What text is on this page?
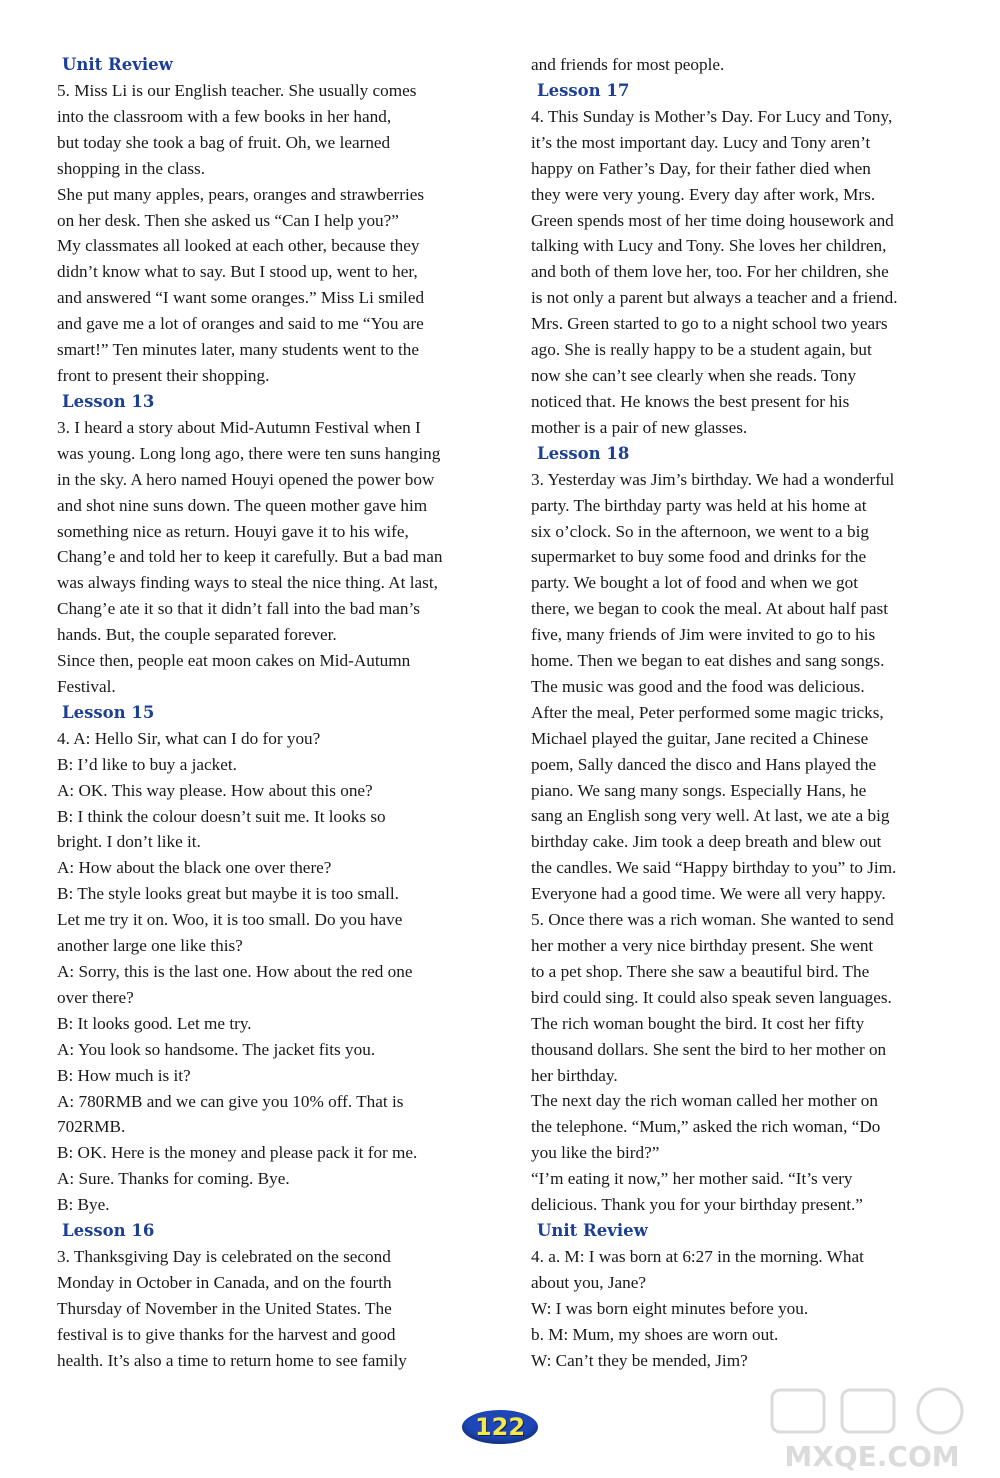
Unit Review

5. Miss Li is our English teacher. She usually comes
into the classroom with a few books in her hand,
but today she took a bag of fruit. Oh, we learned
shopping in the class.

She put many apples, pears, oranges and strawberries
on her desk. Then she asked us “Can I help you?”
My classmates all looked at each other, because they
didn’t know what to say. But I stood up, went to her,
and answered “I want some oranges.” Miss Li smiled
and gave me a lot of oranges and said to me “You are
smart!” Ten minutes later, many students went to the
front to present their shopping.

Lesson 13

3. I heard a story about Mid-Autumn Festival when I
was young. Long long ago, there were ten suns hanging
in the sky. A hero named Houyi opened the power bow
and shot nine suns down. The queen mother gave him
something nice as return. Houyi gave it to his wife,
Chang’e and told her to keep it carefully. But a bad man
was always finding ways to steal the nice thing. At last,
Chang’e ate it so that it didn’t fall into the bad man’s
hands. But, the couple separated forever.

Since then, people eat moon cakes on Mid-Autumn
Festival.

Lesson 15

4. A: Hello Sir, what can I do for you?

B: I’d like to buy a jacket.

A: OK. This way please. How about this one?

B: I think the colour doesn’t suit me. It looks so
bright. I don’t like it.

A: How about the black one over there?

B: The style looks great but maybe it is too small.
Let me try it on. Woo, it is too small. Do you have
another large one like this?

A: Sorry, this is the last one. How about the red one
over there?

B: It looks good. Let me try.

A: You look so handsome. The jacket fits you.

B: How much is it?

A: 780RMB and we can give you 10% off. That is
702RMB.

B: OK. Here is the money and please pack it for me.

A: Sure. Thanks for coming. Bye.

B: Bye.

Lesson 16

3. Thanksgiving Day is celebrated on the second
Monday in October in Canada, and on the fourth
Thursday of November in the United States. The
festival is to give thanks for the harvest and good
health. It’s also a time to return home to see family

and friends for most people.

Lesson 17

4. This Sunday is Mother’s Day. For Lucy and Tony,
it’s the most important day. Lucy and Tony aren’t
happy on Father’s Day, for their father died when
they were very young. Every day after work, Mrs.
Green spends most of her time doing housework and
talking with Lucy and Tony. She loves her children,
and both of them love her, too. For her children, she
is not only a parent but always a teacher and a friend.

Mrs. Green started to go to a night school two years
ago. She is really happy to be a student again, but
now she can’t see clearly when she reads. Tony
noticed that. He knows the best present for his
mother is a pair of new glasses.

Lesson 18

3. Yesterday was Jim’s birthday. We had a wonderful
party. The birthday party was held at his home at
six o’clock. So in the afternoon, we went to a big
supermarket to buy some food and drinks for the
party. We bought a lot of food and when we got
there, we began to cook the meal. At about half past
five, many friends of Jim were invited to go to his
home. Then we began to eat dishes and sang songs.
The music was good and the food was delicious.

After the meal, Peter performed some magic tricks,
Michael played the guitar, Jane recited a Chinese
poem, Sally danced the disco and Hans played the
piano. We sang many songs. Especially Hans, he
sang an English song very well. At last, we ate a big
birthday cake. Jim took a deep breath and blew out
the candles. We said “Happy birthday to you” to Jim.
Everyone had a good time. We were all very happy.

5. Once there was a rich woman. She wanted to send
her mother a very nice birthday present. She went
to a pet shop. There she saw a beautiful bird. The
bird could sing. It could also speak seven languages.
The rich woman bought the bird. It cost her fifty
thousand dollars. She sent the bird to her mother on
her birthday.

The next day the rich woman called her mother on
the telephone. “Mum,” asked the rich woman, “Do
you like the bird?”

“I’m eating it now,” her mother said. “It’s very
delicious. Thank you for your birthday present.”

Unit Review

4. a. M: I was born at 6:27 in the morning. What
about you, Jane?

W: I was born eight minutes before you.

b. M: Mum, my shoes are worn out.

W: Can’t they be mended, Jim?

122
MXQE.COM
